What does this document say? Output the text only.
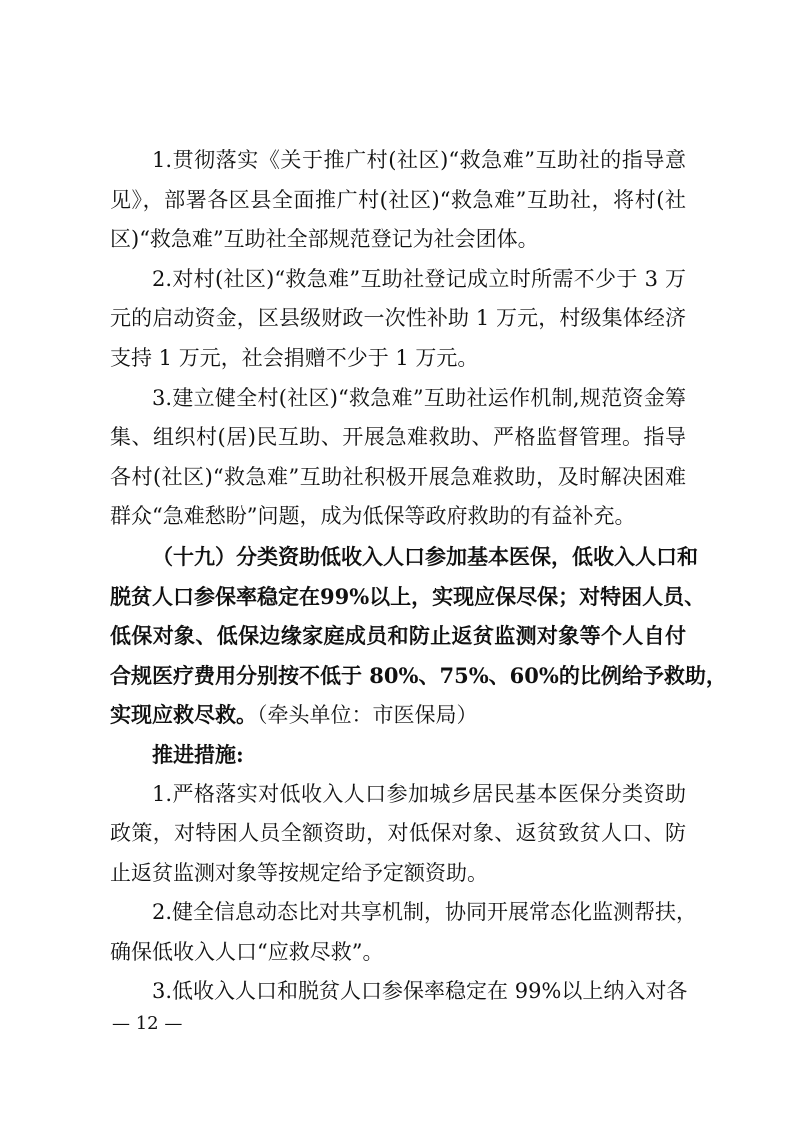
1.贯彻落实《关于推广村(社区)“救急难”互助社的指导意
见》，部署各区县全面推广村(社区)“救急难”互助社，将村(社
区)“救急难”互助社全部规范登记为社会团体。
2.对村(社区)“救急难”互助社登记成立时所需不少于 3 万
元的启动资金，区县级财政一次性补助 1 万元，村级集体经济
支持 1 万元，社会捐赠不少于 1 万元。
3.建立健全村(社区)“救急难”互助社运作机制,规范资金筹
集、组织村(居)民互助、开展急难救助、严格监督管理。指导
各村(社区)“救急难”互助社积极开展急难救助，及时解决困难
群众“急难愁盼”问题，成为低保等政府救助的有益补充。
（十九）分类资助低收入人口参加基本医保，低收入人口和
脱贫人口参保率稳定在99%以上，实现应保尽保；对特困人员、
低保对象、低保边缘家庭成员和防止返贫监测对象等个人自付
合规医疗费用分别按不低于 80%、75%、60%的比例给予救助，
实现应救尽救。（牵头单位：市医保局）
推进措施:
1.严格落实对低收入人口参加城乡居民基本医保分类资助
政策，对特困人员全额资助，对低保对象、返贫致贫人口、防
止返贫监测对象等按规定给予定额资助。
2.健全信息动态比对共享机制，协同开展常态化监测帮扶，
确保低收入人口“应救尽救”。
3.低收入人口和脱贫人口参保率稳定在 99%以上纳入对各
— 12 —
